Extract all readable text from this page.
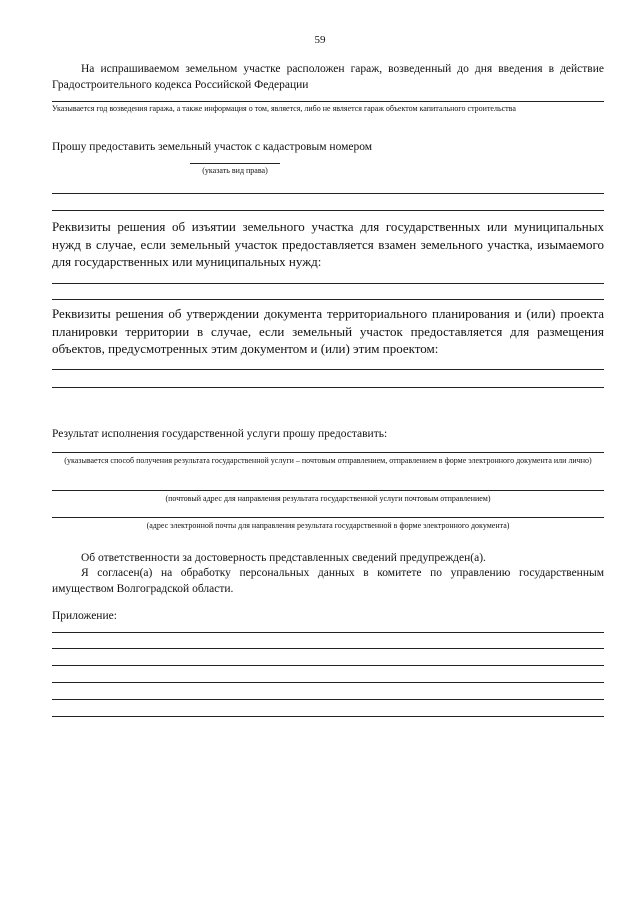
59
На испрашиваемом земельном участке расположен гараж, возведенный до дня введения в действие Градостроительного кодекса Российской Федерации
Указывается год возведения гаража, а также информация о том, является, либо не является гараж объектом капитального строительства
Прошу предоставить земельный участок с кадастровым номером
(указать вид права)
Реквизиты решения об изъятии земельного участка для государственных или муниципальных нужд в случае, если земельный участок предоставляется взамен земельного участка, изымаемого для государственных или муниципальных нужд:
Реквизиты решения об утверждении документа территориального планирования и (или) проекта планировки территории в случае, если земельный участок предоставляется для размещения объектов, предусмотренных этим документом и (или) этим проектом:
Результат исполнения государственной услуги прошу предоставить:
(указывается способ получения результата государственной услуги – почтовым отправлением, отправлением в форме электронного документа или лично)
(почтовый адрес для направления результата государственной услуги почтовым отправлением)
(адрес электронной почты для направления результата государственной в форме электронного документа)
Об ответственности за достоверность представленных сведений предупрежден(а).
Я согласен(а) на обработку персональных данных в комитете по управлению государственным имуществом Волгоградской области.
Приложение:
